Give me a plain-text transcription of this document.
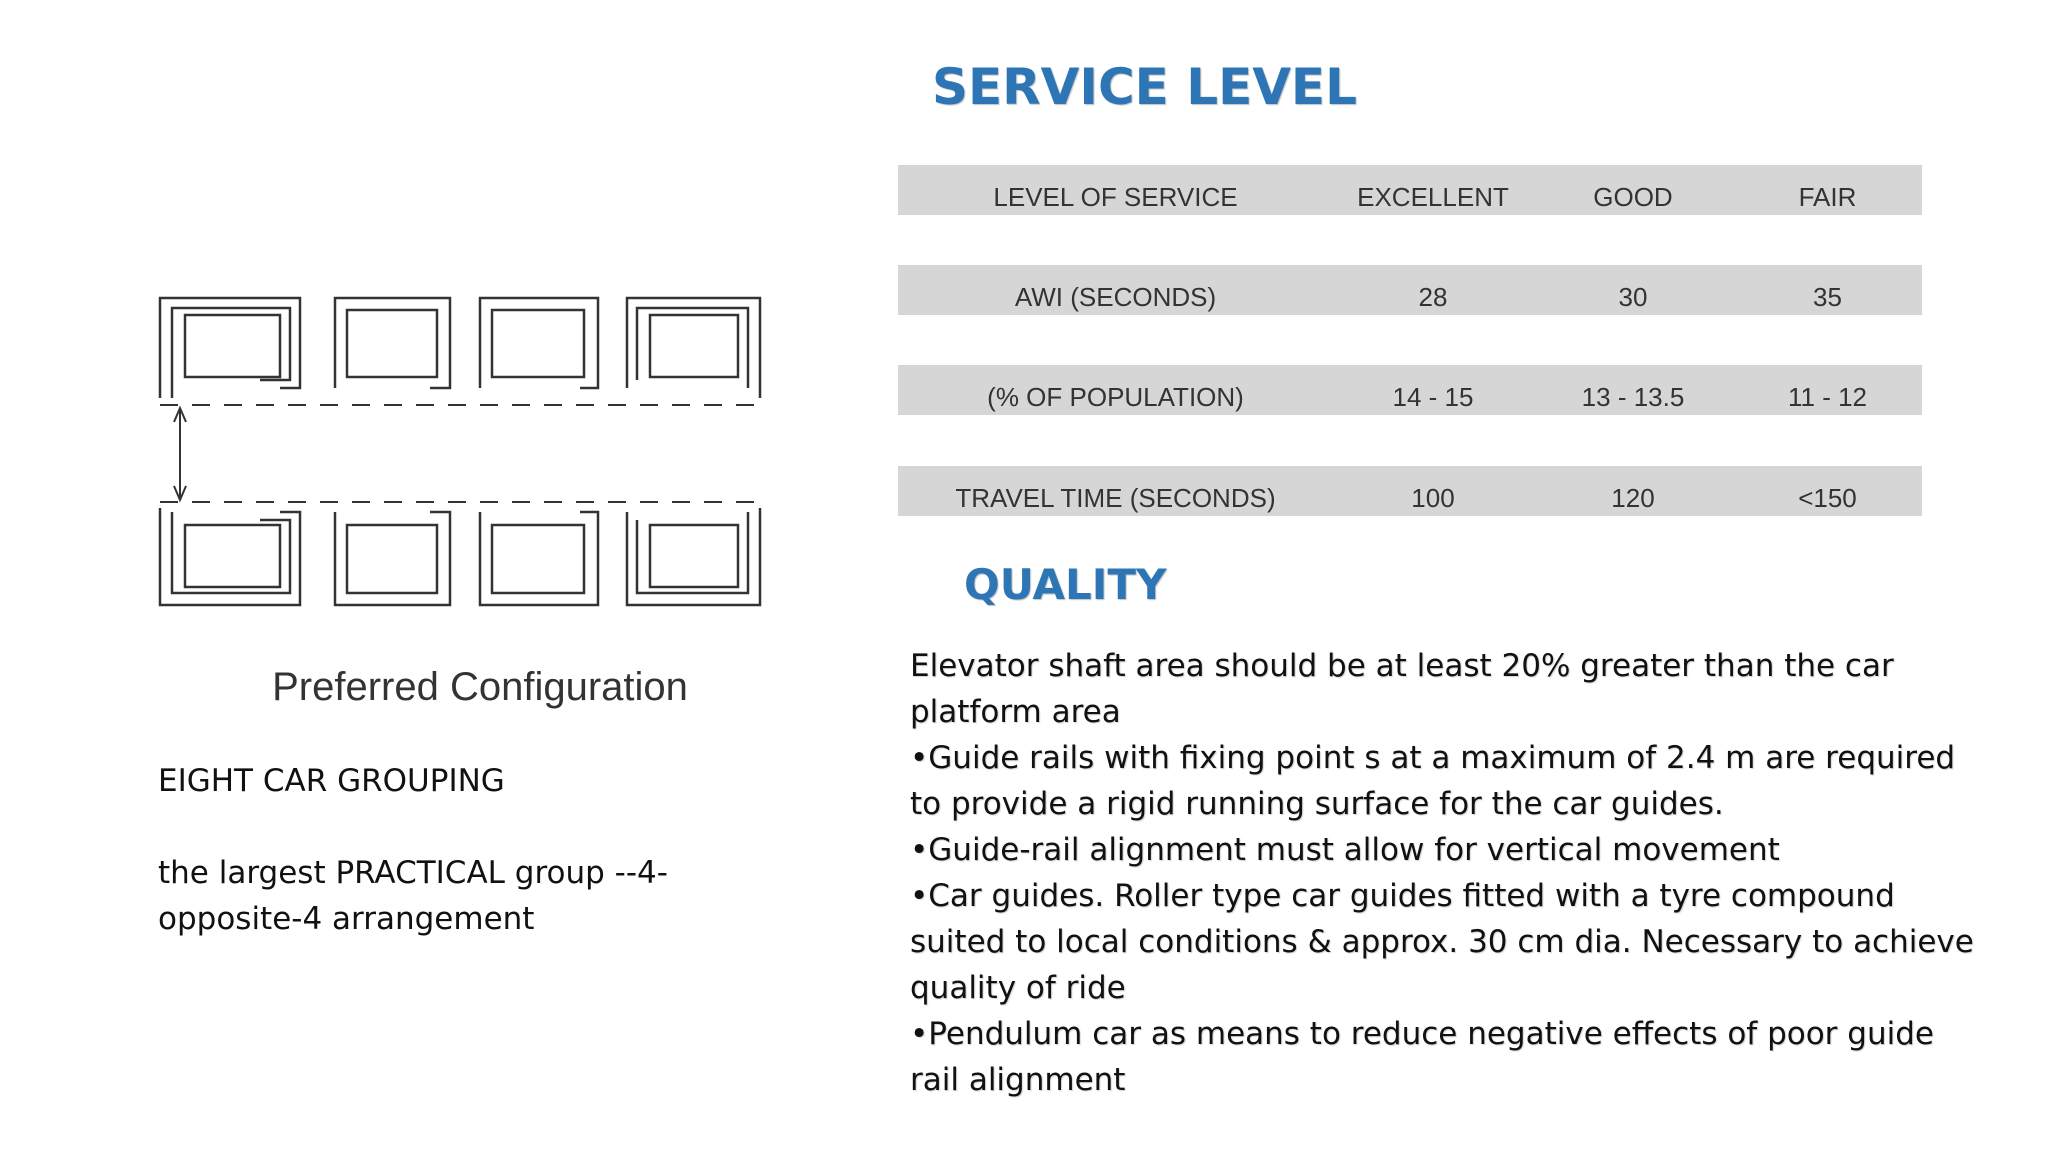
SERVICE LEVEL
LEVEL OF SERVICE	EXCELLENT	GOOD	FAIR
AWI (SECONDS)	28	30	35
(% OF POPULATION)	14 - 15	13 - 13.5	11 - 12
TRAVEL TIME (SECONDS)	100	120	<150
Preferred Configuration
EIGHT CAR GROUPING
the largest PRACTICAL group --4-opposite-4 arrangement
QUALITY

Elevator shaft area should be at least 20% greater than the car platform area

•Guide rails with fixing point s at a maximum of 2.4 m are required to provide a rigid running surface for the car guides.

•Guide-rail alignment must allow for vertical movement

•Car guides. Roller type car guides fitted with a tyre compound suited to local conditions & approx. 30 cm dia. Necessary to achieve quality of ride

•Pendulum car as means to reduce negative effects of poor guide rail alignment
